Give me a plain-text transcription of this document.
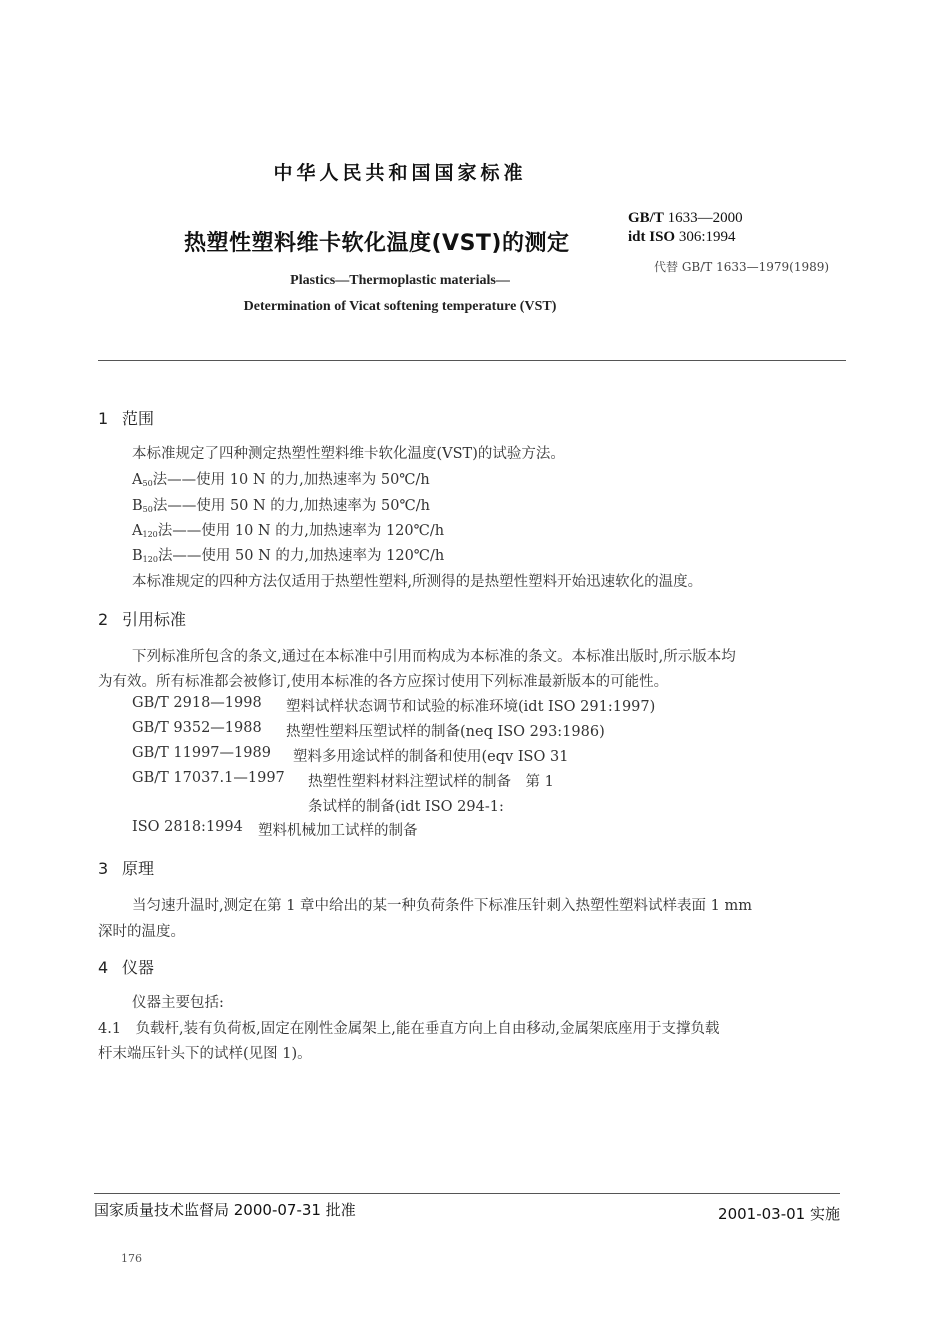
中华人民共和国国家标准
热塑性塑料维卡软化温度(VST)的测定
GB/T 1633—2000
idt ISO 306:1994
代替 GB/T 1633—1979(1989)
Plastics—Thermoplastic materials—
Determination of Vicat softening temperature (VST)
1 范围
本标准规定了四种测定热塑性塑料维卡软化温度(VST)的试验方法。
$A_{50}$法——使用 10 N 的力,加热速率为 50℃/h
$B_{50}$法——使用 50 N 的力,加热速率为 50℃/h
$A_{120}$法——使用 10 N 的力,加热速率为 120℃/h
$B_{120}$法——使用 50 N 的力,加热速率为 120℃/h
本标准规定的四种方法仅适用于热塑性塑料,所测得的是热塑性塑料开始迅速软化的温度。
2 引用标准
下列标准所包含的条文,通过在本标准中引用而构成为本标准的条文。本标准出版时,所示版本均
为有效。所有标准都会被修订,使用本标准的各方应探讨使用下列标准最新版本的可能性。
GB/T 2918—1998 塑料试样状态调节和试验的标准环境(idt ISO 291:1997)
GB/T 9352—1988 热塑性塑料压塑试样的制备(neq ISO 293:1986)
GB/T 11997—1989 塑料多用途试样的制备和使用(eqv ISO 31
GB/T 17037.1—1997 热塑性塑料材料注塑试样的制备　第 1
条试样的制备(idt ISO 294-1:
ISO 2818:1994 塑料机械加工试样的制备
3 原理
当匀速升温时,测定在第 1 章中给出的某一种负荷条件下标准压针刺入热塑性塑料试样表面 1 mm
深时的温度。
4 仪器
仪器主要包括:
4.1　 负载杆,装有负荷板,固定在刚性金属架上,能在垂直方向上自由移动,金属架底座用于支撑负载
杆末端压针头下的试样(见图 1)。
国家质量技术监督局 2000-07-31 批准	2001-03-01 实施
176
